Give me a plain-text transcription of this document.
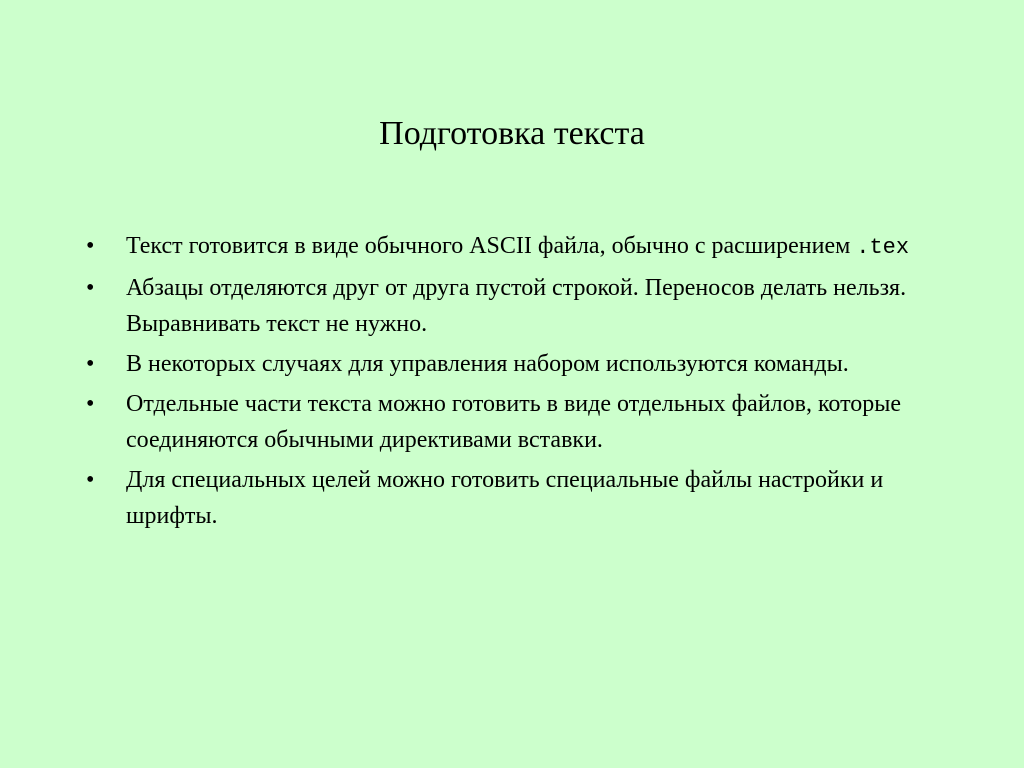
Подготовка текста
•	Текст готовится в виде обычного ASCII файла, обычно с расширением .tex
•	Абзацы отделяются друг от друга пустой строкой. Переносов делать нельзя. Выравнивать текст не нужно.
•	В некоторых случаях для управления набором используются команды.
•	Отдельные части текста можно готовить в виде отдельных файлов, которые соединяются обычными директивами вставки.
•	Для специальных целей можно готовить специальные файлы настройки и шрифты.
